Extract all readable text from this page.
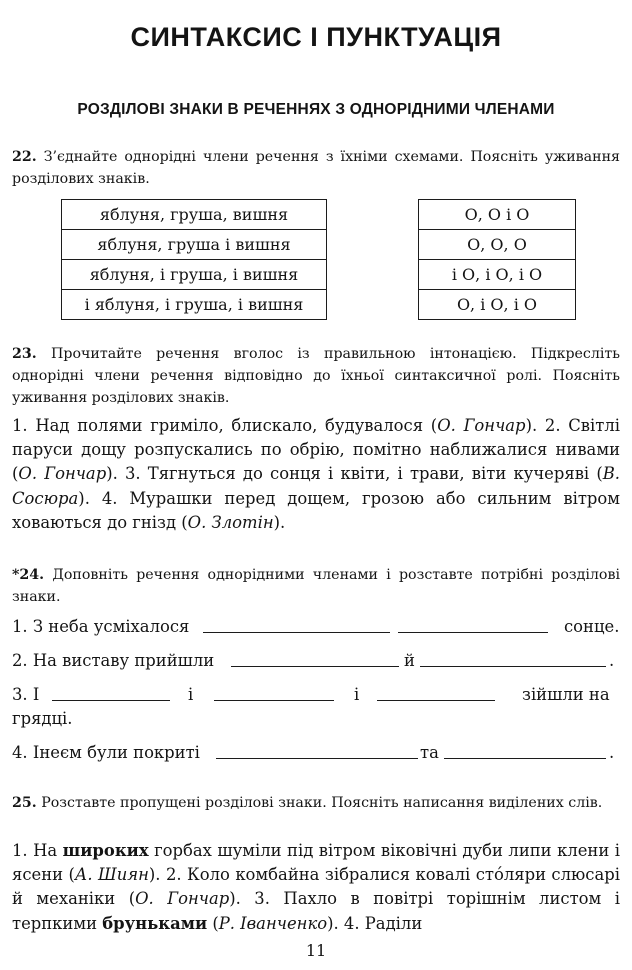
СИНТАКСИС І ПУНКТУАЦІЯ
РОЗДІЛОВІ ЗНАКИ В РЕЧЕННЯХ З ОДНОРІДНИМИ ЧЛЕНАМИ
22. З’єднайте однорідні члени речення з їхніми схемами. Поясніть уживання розділових знаків.
яблуня, груша, вишня
яблуня, груша і вишня
яблуня, і груша, і вишня
і яблуня, і груша, і вишня
О, О і О
О, О, О
і О, і О, і О
О, і О, і О
23. Прочитайте речення вголос із правильною інтонацією. Підкресліть однорідні члени речення відповідно до їхньої синтаксичної ролі. Поясніть уживання розділових знаків.
1. Над полями гриміло, блискало, будувалося (О. Гончар). 2. Світлі паруси дощу розпускались по обрію, помітно наближалися нивами (О. Гончар). 3. Тягнуться до сонця і квіти, і трави, віти кучеряві (В. Сосюра). 4. Мурашки перед дощем, грозою або сильним вітром ховаються до гнізд (О. Злотін).
*24. Доповніть речення однорідними членами і розставте потрібні розділові знаки.
1. З неба усміхалося	сонце.
2. На виставу прийшли	й	.
3. І	і	і	зійшли на
грядці.
4. Інеєм були покриті	та	.
25. Розставте пропущені розділові знаки. Поясніть написання виділених слів.
1. На широких горбах шуміли під вітром віковічні дуби липи клени і ясени (А. Шиян). 2. Коло комбайна зібралися ковалі стóляри слюсарі й механіки (О. Гончар). 3. Пахло в повітрі торішнім листом і терпкими бруньками (Р. Іванченко). 4. Раділи
11
